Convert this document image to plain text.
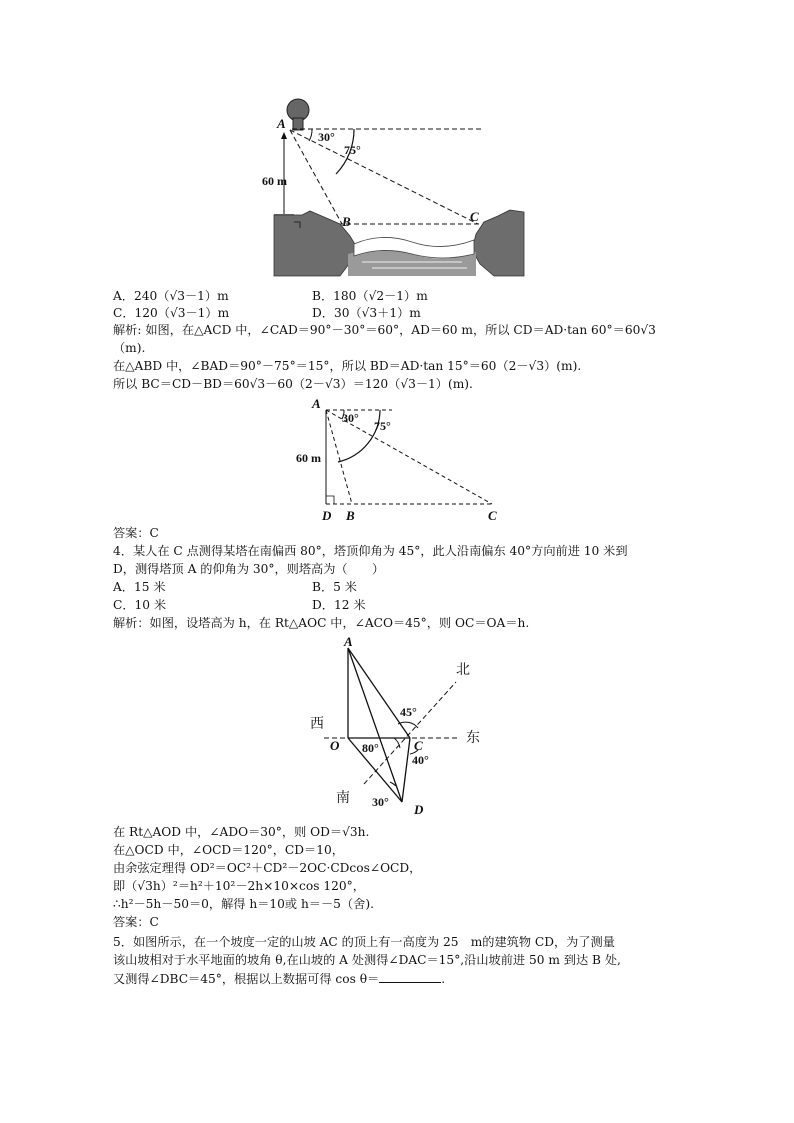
A
B	C
30°
75°
60 m
A．240（√3－1）m	B．180（√2－1）m
C．120（√3－1）m	D．30（√3＋1）m
解析: 如图，在△ACD 中，∠CAD＝90°－30°＝60°，AD＝60 m，所以 CD＝AD·tan 60°＝60√3
（m).
在△ABD 中，∠BAD＝90°－75°＝15°，所以 BD＝AD·tan 15°＝60（2－√3）(m).
所以 BC＝CD－BD＝60√3－60（2－√3）＝120（√3－1）(m).
A
30°
75°
60 m
D B	C
答案：C
4．某人在 C 点测得某塔在南偏西 80°，塔顶仰角为 45°，此人沿南偏东 40°方向前进 10 米到
D，测得塔顶 A 的仰角为 30°，则塔高为（　　）
A．15 米	B．5 米
C．10 米	D．12 米
解析：如图，设塔高为 h，在 Rt△AOC 中，∠ACO＝45°，则 OC＝OA＝h.
A
北
西
东
南
45°
O 80°	C
40°
30° D
在 Rt△AOD 中，∠ADO＝30°，则 OD＝√3h.
在△OCD 中，∠OCD＝120°，CD＝10，
由余弦定理得 OD²＝OC²＋CD²－2OC·CDcos∠OCD，
即（√3h）²＝h²＋10²－2h×10×cos 120°，
∴h²－5h－50＝0，解得 h＝10或 h＝－5（舍).
答案：C
5．如图所示，在一个坡度一定的山坡 AC 的顶上有一高度为 25　m的建筑物 CD，为了测量
该山坡相对于水平地面的坡角 θ,在山坡的 A 处测得∠DAC＝15°,沿山坡前进 50 m 到达 B 处,
又测得∠DBC＝45°，根据以上数据可得 cos θ＝	.
